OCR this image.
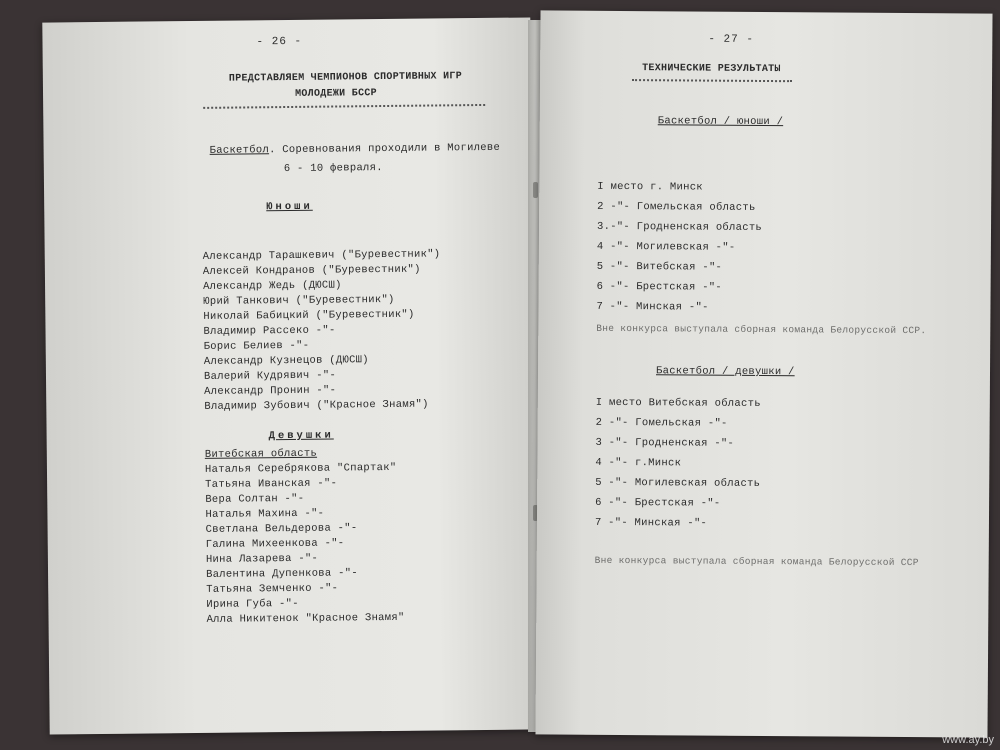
- 26 -
ПРЕДСТАВЛЯЕМ ЧЕМПИОНОВ СПОРТИВНЫХ ИГР
МОЛОДЕЖИ БССР
Баскетбол. Соревнования проходили в Могилеве
6 - 10 февраля.
Юноши
Александр Тарашкевич ("Буревестник")
Алексей Кондранов ("Буревестник")
Александр Жедь (ДЮСШ)
Юрий Танкович ("Буревестник")
Николай Бабицкий ("Буревестник")
Владимир Рассеко -"-
Борис Белиев -"-
Александр Кузнецов (ДЮСШ)
Валерий Кудрявич -"-
Александр Пронин -"-
Владимир Зубович ("Красное Знамя")
Девушки
Витебская область
Наталья Серебрякова "Спартак"
Татьяна Иванская -"-
Вера Солтан -"-
Наталья Махина -"-
Светлана Вельдерова -"-
Галина Михеенкова -"-
Нина Лазарева -"-
Валентина Дупенкова -"-
Татьяна Земченко -"-
Ирина Губа -"-
Алла Никитенок "Красное Знамя"
- 27 -
ТЕХНИЧЕСКИЕ РЕЗУЛЬТАТЫ
Баскетбол / юноши /
I место г. Минск
2 -"- Гомельская область
3.-"- Гродненская область
4 -"- Могилевская -"-
5 -"- Витебская -"-
6 -"- Брестская -"-
7 -"- Минская -"-
Вне конкурса выступала сборная команда Белорусской ССР.
Баскетбол / девушки /
I место Витебская область
2 -"- Гомельская -"-
3 -"- Гродненская -"-
4 -"- г.Минск
5 -"- Могилевская область
6 -"- Брестская -"-
7 -"- Минская -"-
Вне конкурса выступала сборная команда Белорусской ССР
www.ay.by
